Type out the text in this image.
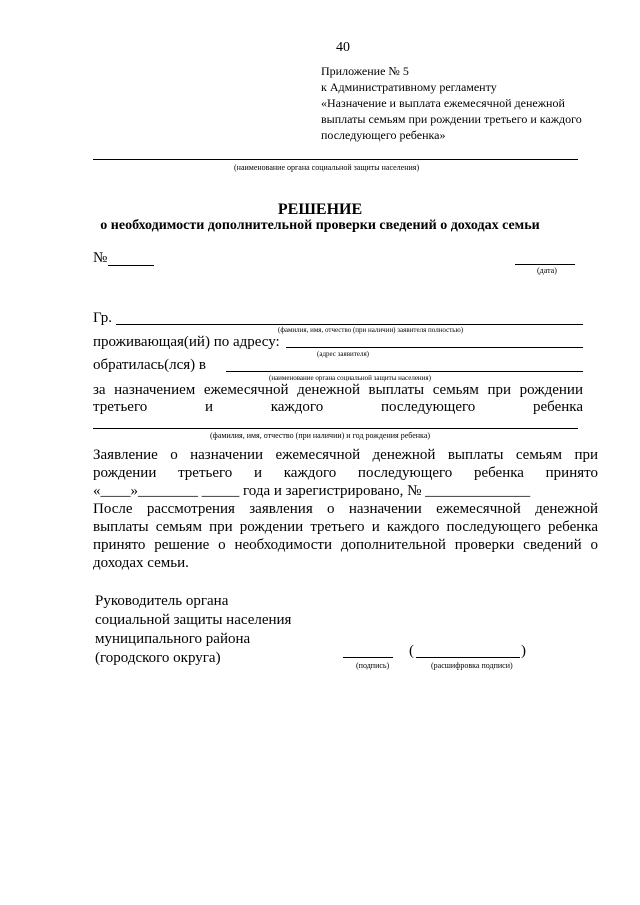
40
Приложение № 5
к Административному регламенту
«Назначение и выплата ежемесячной денежной
выплаты семьям при рождении третьего и каждого
последующего ребенка»
(наименование органа социальной защиты населения)
РЕШЕНИЕ
о необходимости дополнительной проверки сведений о доходах семьи
№
(дата)
Гр.
(фамилия, имя, отчество (при наличии) заявителя полностью)
проживающая(ий) по адресу:
(адрес заявителя)
обратилась(лся) в
(наименование органа социальной защиты населения)
за назначением ежемесячной денежной выплаты семьям при рождении
третьего и каждого последующего ребенка
(фамилия, имя, отчество (при наличии) и год рождения ребенка)
Заявление о назначении ежемесячной денежной выплаты семьям при
рождении третьего и каждого последующего ребенка принято
«____»________ _____ года и зарегистрировано, № ______________
После рассмотрения заявления о назначении ежемесячной денежной
выплаты семьям при рождении третьего и каждого последующего ребенка
принято решение о необходимости дополнительной проверки сведений о
доходах семьи.
Руководитель органа
социальной защиты населения
муниципального района
(городского округа)	(подпись)
(	)
(расшифровка подписи)
